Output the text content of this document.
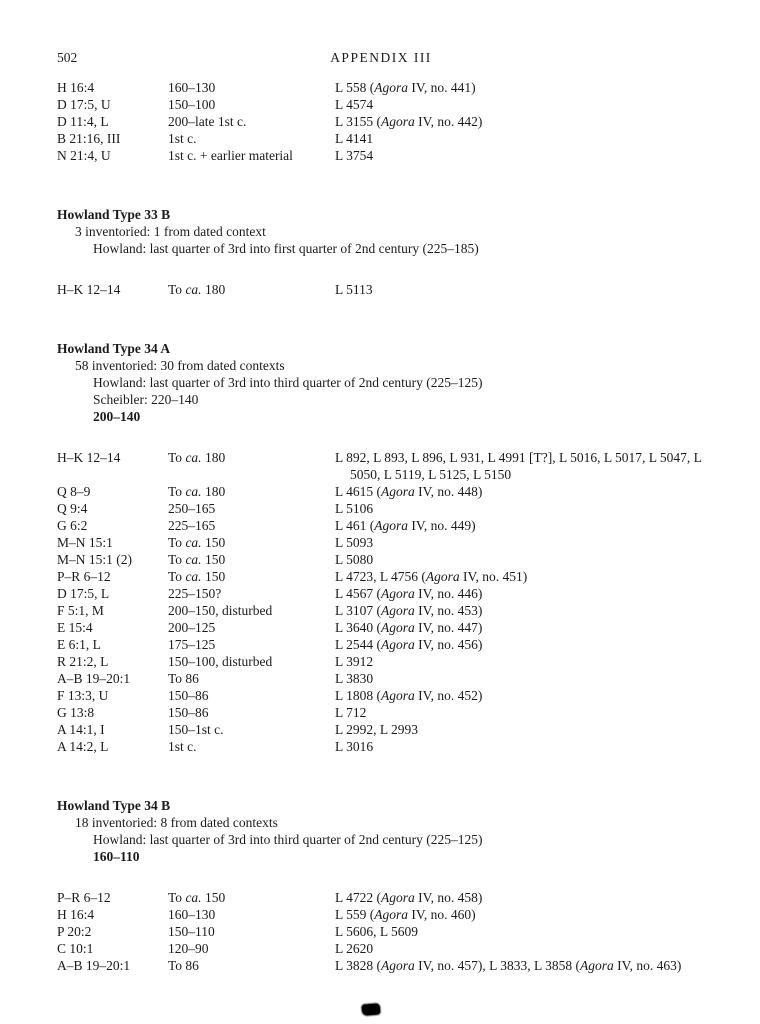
502	APPENDIX III
H 16:4	160–130	L 558 (Agora IV, no. 441)
D 17:5, U	150–100	L 4574
D 11:4, L	200–late 1st c.	L 3155 (Agora IV, no. 442)
B 21:16, III	1st c.	L 4141
N 21:4, U	1st c. + earlier material	L 3754
Howland Type 33 B
3 inventoried: 1 from dated context
Howland: last quarter of 3rd into first quarter of 2nd century (225–185)
H–K 12–14	To ca. 180	L 5113
Howland Type 34 A
58 inventoried: 30 from dated contexts
Howland: last quarter of 3rd into third quarter of 2nd century (225–125)
Scheibler: 220–140
200–140
H–K 12–14	To ca. 180	L 892, L 893, L 896, L 931, L 4991 [T?], L 5016, L 5017, L 5047, L 5050, L 5119, L 5125, L 5150
Q 8–9	To ca. 180	L 4615 (Agora IV, no. 448)
Q 9:4	250–165	L 5106
G 6:2	225–165	L 461 (Agora IV, no. 449)
M–N 15:1	To ca. 150	L 5093
M–N 15:1 (2)	To ca. 150	L 5080
P–R 6–12	To ca. 150	L 4723, L 4756 (Agora IV, no. 451)
D 17:5, L	225–150?	L 4567 (Agora IV, no. 446)
F 5:1, M	200–150, disturbed	L 3107 (Agora IV, no. 453)
E 15:4	200–125	L 3640 (Agora IV, no. 447)
E 6:1, L	175–125	L 2544 (Agora IV, no. 456)
R 21:2, L	150–100, disturbed	L 3912
A–B 19–20:1	To 86	L 3830
F 13:3, U	150–86	L 1808 (Agora IV, no. 452)
G 13:8	150–86	L 712
A 14:1, I	150–1st c.	L 2992, L 2993
A 14:2, L	1st c.	L 3016
Howland Type 34 B
18 inventoried: 8 from dated contexts
Howland: last quarter of 3rd into third quarter of 2nd century (225–125)
160–110
P–R 6–12	To ca. 150	L 4722 (Agora IV, no. 458)
H 16:4	160–130	L 559 (Agora IV, no. 460)
P 20:2	150–110	L 5606, L 5609
C 10:1	120–90	L 2620
A–B 19–20:1	To 86	L 3828 (Agora IV, no. 457), L 3833, L 3858 (Agora IV, no. 463)
